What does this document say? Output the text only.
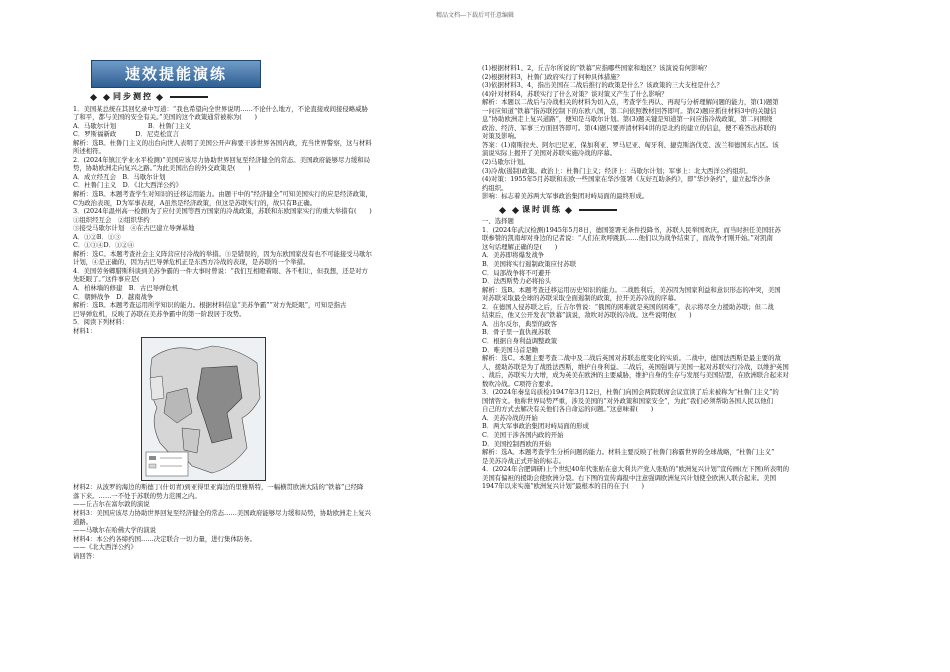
精品文档---下载后可任意编辑
速效提能演练
同步测控

1．美国某总统在其回忆录中写道：“我也希望向全世界说明……不论什么地方，不论直接或间接侵略威胁

了和平，都与美国的安全有关。”美国的这个政策通常被称为(　　)

A．马歇尔计划　　　　　B．杜鲁门主义

C．罗斯福新政　　　D．尼克松宣言

解析：选B。杜鲁门主义的出台向世人表明了美国公开声称要干涉世界各国内政，充当世界警察，这与材料

所述相符。

2．(2024年镇江学业水平检测)“美国应该尽力协助世界回复至经济健全的常态。美国政府能够尽力缓和局

势，协助欧洲走向复兴之路。”为此美国出台的外交政策是(　　)

A．成立经互会　B．马歇尔计划

C．杜鲁门主义　D．《北大西洋公约》

解析：选B。本题考查学生对知识的迁移运用能力。由题干中的“经济健全”可知美国实行的应是经济政策，

C为政治表现，D为军事表现，A虽然是经济政策，但这是苏联实行的，故只有B正确。

3．(2024年温州高一检测)为了应付美国等西方国家的冷战政策，苏联和东欧国家实行的重大举措有(　　)

①组织经互会　②组织华约

③接受马歇尔计划　④在古巴建立导弹基地

A．①②B．①③

C．①③④D．①②④

解析：选C。本题考查社会主义阵营应付冷战的举措。③是错误的，因为东欧国家没有也不可能接受马歇尔

计划，④是正确的，因为古巴导弹危机正是东西方冷战的表现，是苏联的一个举措。

4．美国劳务卿腊斯科谈到美苏争霸的一件大事时曾说：“我们互相瞪着眼、各不相让，但我想，还是对方

先眨眼了。”这件事应是(　　)

A．柏林墙的修建　B．古巴导弹危机

C．朝鲜战争　D．越南战争

解析：选B。本题考查运用所学知识的能力。根据材料信息“美苏争霸”“对方先眨眼”，可知是指古

巴导弹危机，反映了苏联在美苏争霸中的第一阶段居于攻势。

5．阅读下列材料：

材料1：

材料2：从波罗的海边的斯德丁(什切青)到亚得里亚海边的里雅斯特，一幅横贯欧洲大陆的“铁幕”已经降

落下来。……一不处于苏联的势力范围之内。

——丘吉尔在富尔敦的演说

材料3：美国应该尽力协助世界回复至经济健全的常态……美国政府能够尽力缓和局势，协助欧洲走上复兴

道路。

——马歇尔在哈佛大学的演说

材料4：本公约各缔约国……决定联合一切力量，进行集体防务。

——《北大西洋公约》

请回答：

(1)根据材料1、2，丘吉尔所说的“铁幕”应指哪些国家和地区？该演说有何影响？

(2)根据材料3，杜鲁门政府实行了何种具体措施？

(3)依据材料3、4，指出美国在二战后推行的政策是什么？该政策的三大支柱是什么？

(4)针对材料4，苏联实行了什么对策？谈对策又产生了什么影响？

解析：本题以二战后与冷战相关的材料为切入点，考查学生再认、再现与分析理解问题的能力，第(1)题第

一问应知道“铁幕”指苏联控制下的东欧八国，第二问依照教材回答即可。第(2)题应抓住材料3中的关键信

息“协助欧洲走上复兴道路”，便知是马歇尔计划。第(3)题关键是知道第一问应指冷战政策，第二问围绕

政治、经济、军事三方面回答即可。第(4)题只要弄清材料4讲的是北约的建立的信息，便不难答出苏联的

对策及影响。

答案：(1)南斯拉夫、阿尔巴尼亚、保加利亚、罗马尼亚、匈牙利、捷克斯洛伐克、波兰和德国东占区。该

演说实际上揭开了美国对苏联实施冷战的序幕。

(2)马歇尔计划。

(3)冷战(遏制)政策。政治上：杜鲁门主义；经济上：马歇尔计划；军事上：北大西洋公约组织。

(4)对策：1955年5月苏联和东欧一些国家在华沙签署《友好互助条约》，即“华沙条约”，建立起华沙条

约组织。

影响：标志着美苏两大军事政治集团对峙局面的最终形成。

课时训练

一、选择题

1．(2024年武汉检测)1945年5月8日，德国签署无条件投降书，苏联人民举国欢庆。而当时担任美国驻苏

联参赞的凯南却对身边的记者说：“人们在欢呼跳跃……他们以为战争结束了，而战争才刚开始。”对凯南

这句话理解正确的是(　　)

A．美苏即将爆发战争

B．美国将实行遏制政策应付苏联

C．局部战争将不可避开

D．法西斯势力必将抬头

解析：选B。本题考查迁移运用历史知识的能力。二战胜利后，美苏因为国家利益和意识形态的冲突，美国

对苏联采取最全球的苏联采取全面遏制的政策，拉开美苏冷战的序幕。

2．在德国人侵苏联之后，丘吉尔曾说：“俄国的困难就是英国的困难”，表示将尽全力援助苏联；但二战

结束后，他又公开发表“铁幕”演说，敌吹对苏联的冷战。这些说明他(　　)

A．出尔反尔，典型的政客

B．骨子里一直仇视苏联

C．根据自身利益调整政策

D．唯美国马首是瞻

解析：选C。本题主要考查二战中及二战后英国对苏联态度变化的实质。二战中，德国法西斯是最主要的敌

人，援助苏联是为了战胜法西斯，维护自身利益。二战后，英国强调与美国一起对苏联实行冷战，以维护英国

、战后，苏联实力大增，成为英美在欧洲的主要威胁，维护自身的生存与发展与美国结盟，在欧洲联合起来对

数吹冷战。C项符合要求。

3．(2024年秦皇岛质检)1947年3月12日，杜鲁门向国会两院联席会议宣读了后来被称为“杜鲁门主义”的

国情咨文。他称世界局势严重，涉及美国的“对外政策和国家安全”，为此“我们必须帮助各国人民以他们

自己的方式去解决有关他们各自命运的问题。”这意味着(　　)

A．美苏冷战的开始

B．两大军事政治集团对峙局面的形成

C．美国干涉各国内政的开始

D．美国控制西欧的开始

解析：选A。本题考查学生分析问题的能力。材料主要反映了杜鲁门称霸世界的全球战略，“杜鲁门主义”

是美苏冷战正式开始的标志。

4．(2024年合肥调研)上个世纪40年代张贴在意大利共产党人张贴的“欧洲复兴计划”宣传画(左下图)所表明的

美国有偏袒的援助会使欧洲分裂。右下图的宣传海报中注意强调欧洲复兴计划使全欧洲人联合起来。美国

1947年以来实施“欧洲复兴计划”最根本的目的在于(　　)
